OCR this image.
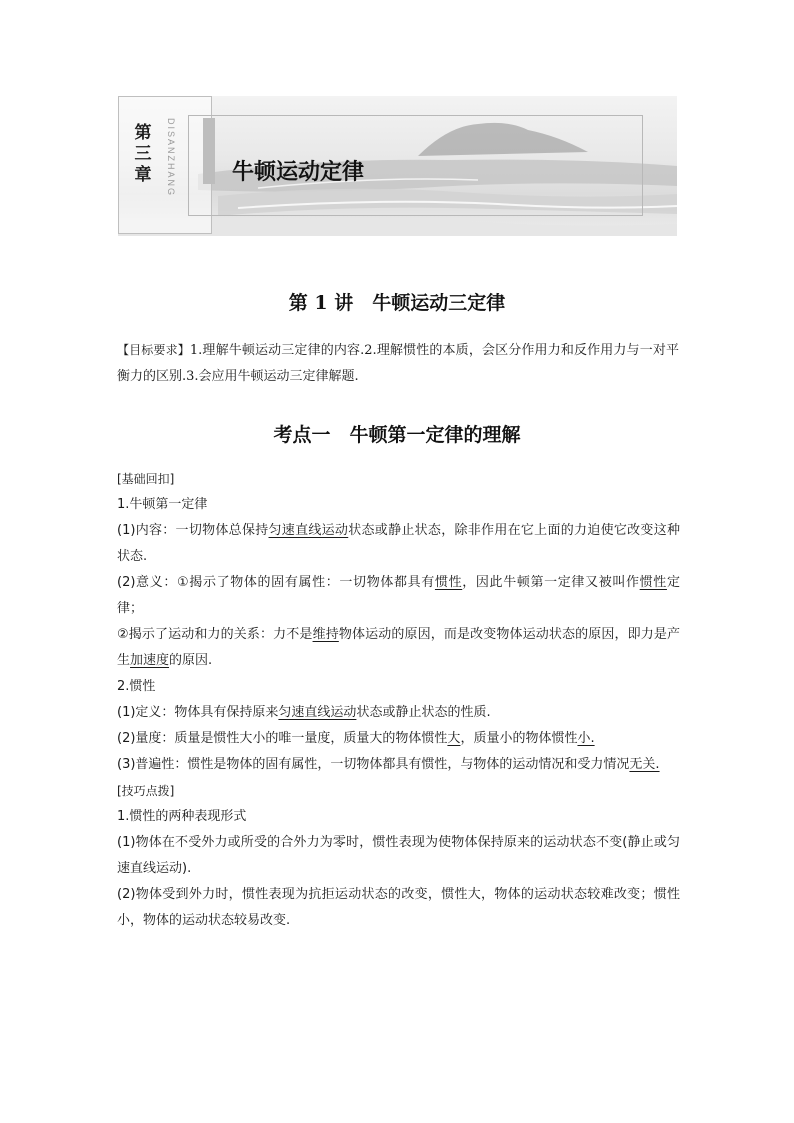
第
三
章	DISANZHANG	牛顿运动定律
第 1 讲　牛顿运动三定律
【目标要求】1.理解牛顿运动三定律的内容.2.理解惯性的本质，会区分作用力和反作用力与一对平衡力的区别.3.会应用牛顿运动三定律解题.
考点一　牛顿第一定律的理解

[基础回扣]

1.牛顿第一定律

(1)内容：一切物体总保持匀速直线运动状态或静止状态，除非作用在它上面的力迫使它改变这种状态.

(2)意义：①揭示了物体的固有属性：一切物体都具有惯性，因此牛顿第一定律又被叫作惯性定律；

②揭示了运动和力的关系：力不是维持物体运动的原因，而是改变物体运动状态的原因，即力是产生加速度的原因.

2.惯性

(1)定义：物体具有保持原来匀速直线运动状态或静止状态的性质.

(2)量度：质量是惯性大小的唯一量度，质量大的物体惯性大，质量小的物体惯性小.

(3)普遍性：惯性是物体的固有属性，一切物体都具有惯性，与物体的运动情况和受力情况无关.

[技巧点拨]

1.惯性的两种表现形式

(1)物体在不受外力或所受的合外力为零时，惯性表现为使物体保持原来的运动状态不变(静止或匀速直线运动).

(2)物体受到外力时，惯性表现为抗拒运动状态的改变，惯性大，物体的运动状态较难改变；惯性小，物体的运动状态较易改变.
